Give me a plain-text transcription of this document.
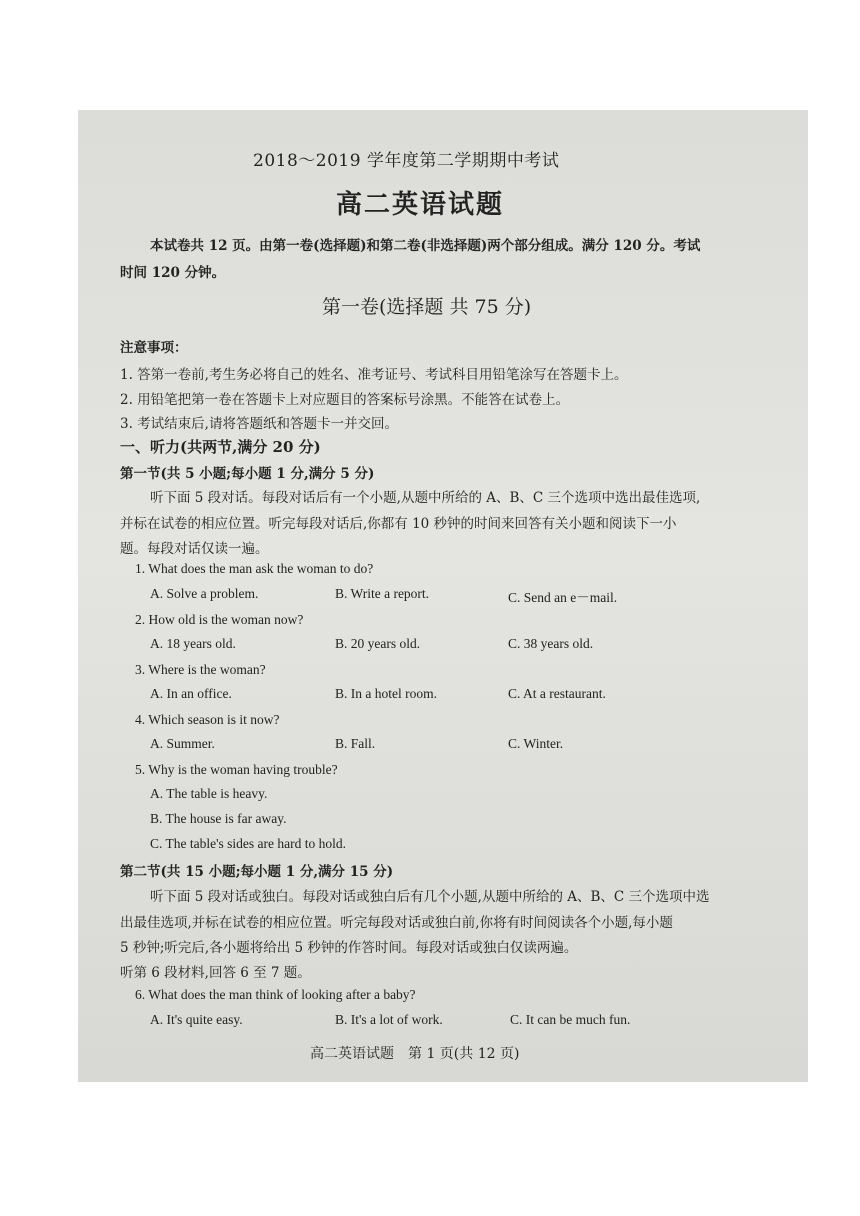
2018～2019 学年度第二学期期中考试
高二英语试题
本试卷共 12 页。由第一卷(选择题)和第二卷(非选择题)两个部分组成。满分 120 分。考试
时间 120 分钟。
第一卷(选择题 共 75 分)
注意事项：
1. 答第一卷前,考生务必将自己的姓名、准考证号、考试科目用铅笔涂写在答题卡上。
2. 用铅笔把第一卷在答题卡上对应题目的答案标号涂黑。不能答在试卷上。
3. 考试结束后,请将答题纸和答题卡一并交回。
一、听力(共两节,满分 20 分)
第一节(共 5 小题;每小题 1 分,满分 5 分)
听下面 5 段对话。每段对话后有一个小题,从题中所给的 A、B、C 三个选项中选出最佳选项,
并标在试卷的相应位置。听完每段对话后,你都有 10 秒钟的时间来回答有关小题和阅读下一小
题。每段对话仅读一遍。
1. What does the man ask the woman to do?
A. Solve a problem.	B. Write a report.	C. Send an e－mail.
2. How old is the woman now?
A. 18 years old.	B. 20 years old.	C. 38 years old.
3. Where is the woman?
A. In an office.	B. In a hotel room.	C. At a restaurant.
4. Which season is it now?
A. Summer.	B. Fall.	C. Winter.
5. Why is the woman having trouble?
A. The table is heavy.
B. The house is far away.
C. The table's sides are hard to hold.
第二节(共 15 小题;每小题 1 分,满分 15 分)
听下面 5 段对话或独白。每段对话或独白后有几个小题,从题中所给的 A、B、C 三个选项中选
出最佳选项,并标在试卷的相应位置。听完每段对话或独白前,你将有时间阅读各个小题,每小题
5 秒钟;听完后,各小题将给出 5 秒钟的作答时间。每段对话或独白仅读两遍。
听第 6 段材料,回答 6 至 7 题。
6. What does the man think of looking after a baby?
A. It's quite easy.	B. It's a lot of work.	C. It can be much fun.
高二英语试题　第 1 页(共 12 页)
